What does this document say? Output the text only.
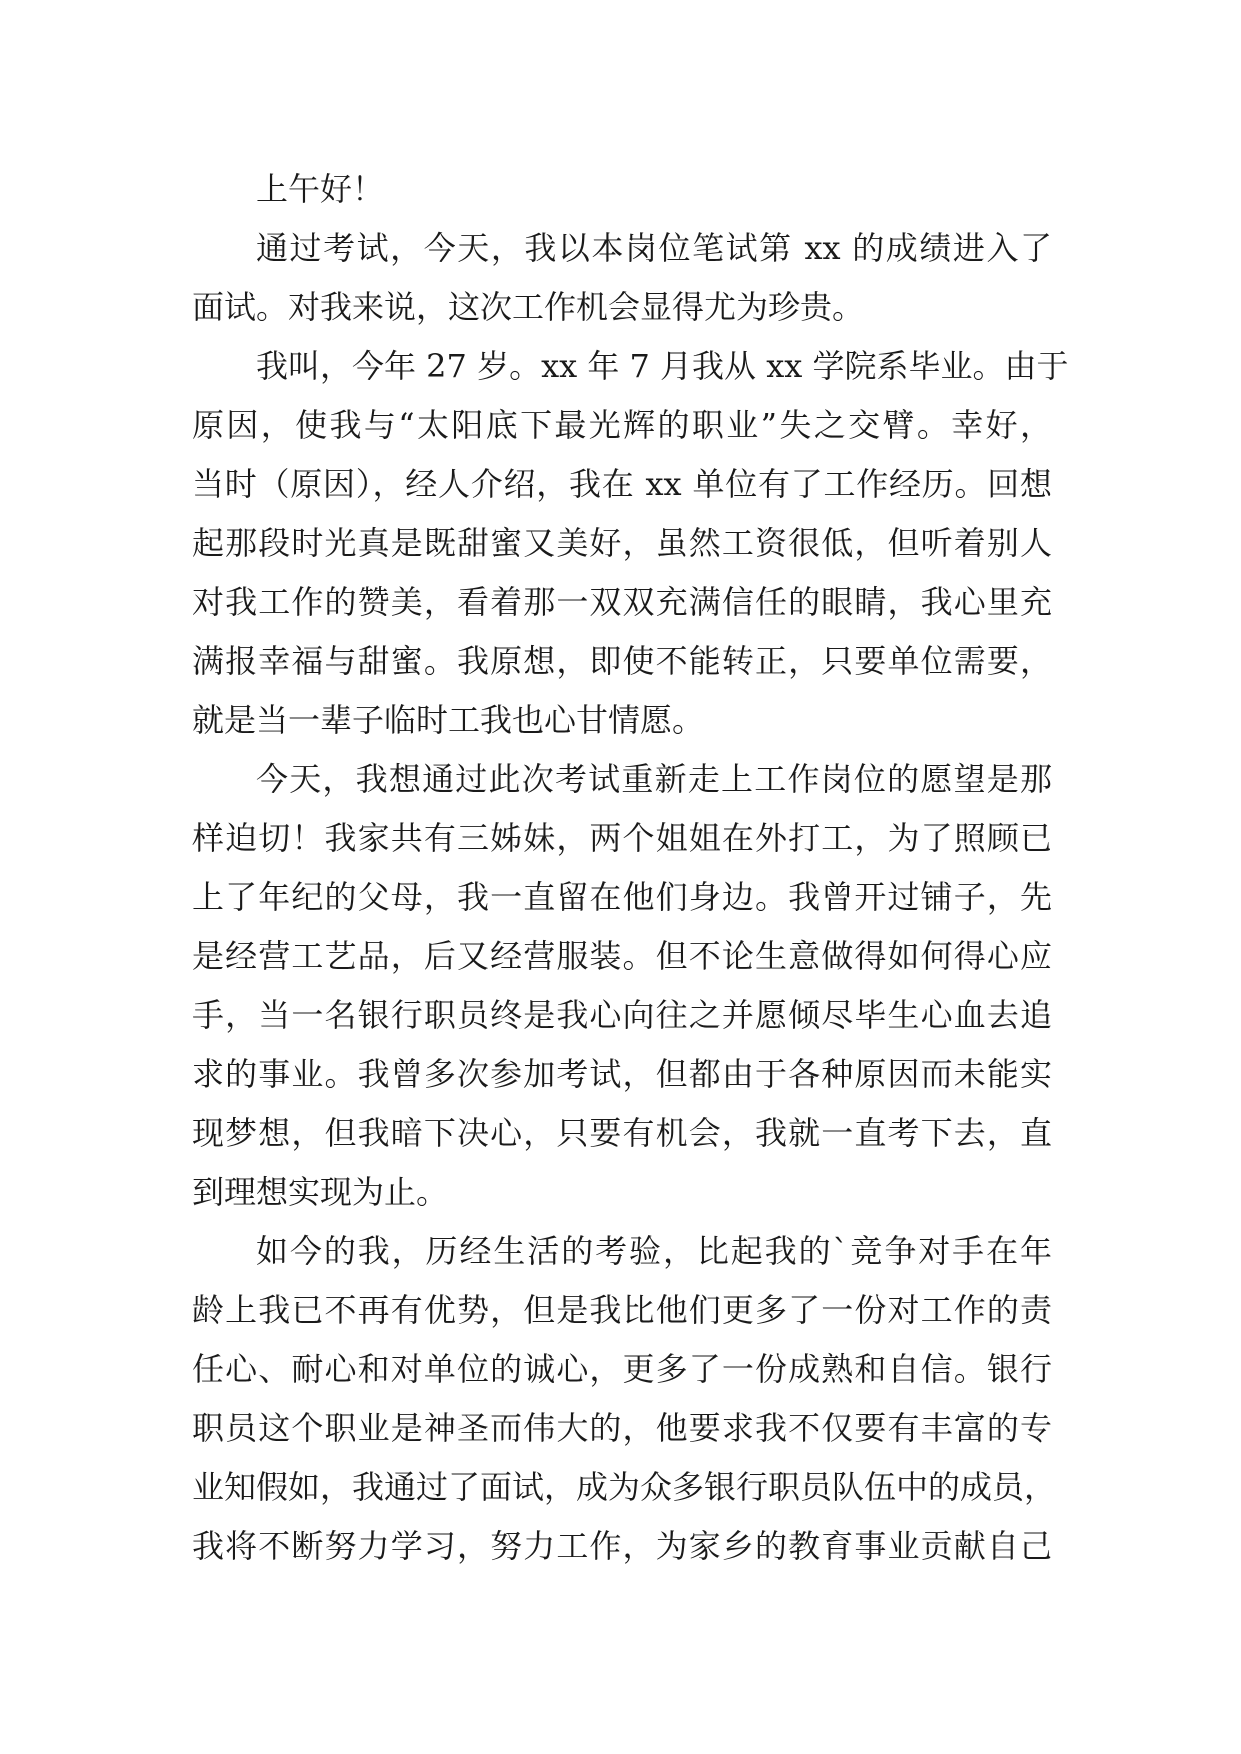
上午好！
通过考试，今天，我以本岗位笔试第 xx 的成绩进入了
面试。对我来说，这次工作机会显得尤为珍贵。
我叫，今年 27 岁。xx 年 7 月我从 xx 学院系毕业。由于
原因，使我与“太阳底下最光辉的职业”失之交臂。幸好，
当时（原因），经人介绍，我在 xx 单位有了工作经历。回想
起那段时光真是既甜蜜又美好，虽然工资很低，但听着别人
对我工作的赞美，看着那一双双充满信任的眼睛，我心里充
满报幸福与甜蜜。我原想，即使不能转正，只要单位需要，
就是当一辈子临时工我也心甘情愿。
今天，我想通过此次考试重新走上工作岗位的愿望是那
样迫切！我家共有三姊妹，两个姐姐在外打工，为了照顾已
上了年纪的父母，我一直留在他们身边。我曾开过铺子，先
是经营工艺品，后又经营服装。但不论生意做得如何得心应
手，当一名银行职员终是我心向往之并愿倾尽毕生心血去追
求的事业。我曾多次参加考试，但都由于各种原因而未能实
现梦想，但我暗下决心，只要有机会，我就一直考下去，直
到理想实现为止。
如今的我，历经生活的考验，比起我的`竞争对手在年
龄上我已不再有优势，但是我比他们更多了一份对工作的责
任心、耐心和对单位的诚心，更多了一份成熟和自信。银行
职员这个职业是神圣而伟大的，他要求我不仅要有丰富的专
业知假如，我通过了面试，成为众多银行职员队伍中的成员，
我将不断努力学习，努力工作，为家乡的教育事业贡献自己
